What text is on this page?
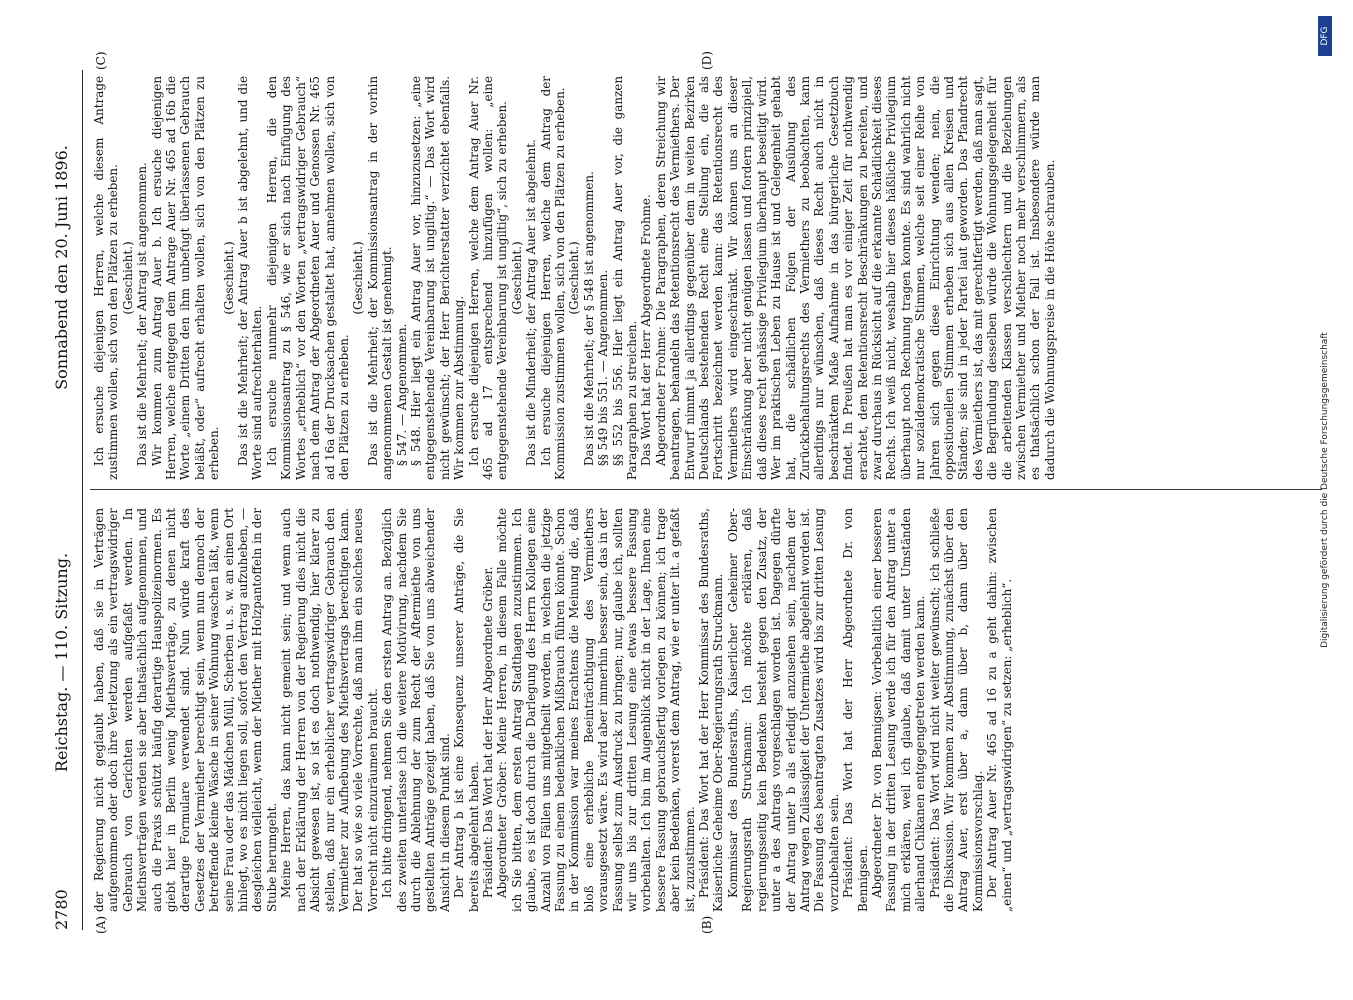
2780
Reichstag. — 110. Sitzung.
Sonnabend den 20. Juni 1896.
(A)	(B)
(C)	(D)

der Regierung nicht geglaubt haben, daß sie in Verträgen aufgenommen oder doch ihre Verletzung als ein vertragswidriger Gebrauch von Gerichten werden aufgefaßt werden. In Miethsverträgen werden sie aber thatsächlich aufgenommen, und auch die Praxis schützt häufig derartige Hauspolizeinormen. Es giebt hier in Berlin wenig Miethsverträge, zu denen nicht derartige Formulare verwendet sind. Nun würde kraft des Gesetzes der Vermiether berechtigt sein, wenn nun dennoch der betreffende kleine Wäsche in seiner Wohnung waschen läßt, wenn seine Frau oder das Mädchen Müll, Scherben u. s. w. an einen Ort hinlegt, wo es nicht liegen soll, sofort den Vertrag aufzuheben, — desgleichen vielleicht, wenn der Miether mit Holzpantoffeln in der Stube herumgeht. Meine Herren, das kann nicht gemeint sein; und wenn auch nach der Erklärung der Herren von der Regierung dies nicht die Absicht gewesen ist, so ist es doch nothwendig, hier klarer zu stellen, daß nur ein erheblicher vertragswidriger Gebrauch den Vermiether zur Aufhebung des Miethsvertrags berechtigen kann. Der hat so wie so viele Vorrechte, daß man ihm ein solches neues Vorrecht nicht einzuräumen braucht. Ich bitte dringend, nehmen Sie den ersten Antrag an. Bezüglich des zweiten unterlasse ich die weitere Motivirung, nachdem Sie durch die Ablehnung der zum Recht der Aftermiethe von uns gestellten Anträge gezeigt haben, daß Sie von uns abweichender Ansicht in diesem Punkt sind. Der Antrag b ist eine Konsequenz unserer Anträge, die Sie bereits abgelehnt haben. Präsident: Das Wort hat der Herr Abgeordnete Gröber. Abgeordneter Gröber: Meine Herren, in diesem Falle möchte ich Sie bitten, dem ersten Antrag Stadthagen zuzustimmen. Ich glaube, es ist doch durch die Darlegung des Herrn Kollegen eine Anzahl von Fällen uns mitgetheilt worden, in welchen die jetzige Fassung zu einem bedenklichen Mißbrauch führen könnte. Schon in der Kommission war meines Erachtens die Meinung die, daß bloß eine erhebliche Beeinträchtigung des Vermiethers vorausgesetzt wäre. Es wird aber immerhin besser sein, das in der Fassung selbst zum Ausdruck zu bringen; nur, glaube ich, sollten wir uns bis zur dritten Lesung eine etwas bessere Fassung vorbehalten. Ich bin im Augenblick nicht in der Lage, Ihnen eine bessere Fassung gebrauchsfertig vorlegen zu können; ich trage aber kein Bedenken, vorerst dem Antrag, wie er unter lit. a gefaßt ist, zuzustimmen. Präsident: Das Wort hat der Herr Kommissar des Bundesraths, Kaiserliche Geheime Ober-Regierungsrath Struckmann. Kommissar des Bundesraths, Kaiserlicher Geheimer Ober-Regierungsrath Struckmann: Ich möchte erklären, daß regierungsseitig kein Bedenken besteht gegen den Zusatz, der unter a des Antrags vorgeschlagen worden ist. Dagegen dürfte der Antrag unter b als erledigt anzusehen sein, nachdem der Antrag wegen Zulässigkeit der Untermiethe abgelehnt worden ist. Die Fassung des beantragten Zusatzes wird bis zur dritten Lesung vorzubehalten sein. Präsident: Das Wort hat der Herr Abgeordnete Dr. von Bennigsen. Abgeordneter Dr. von Bennigsen: Vorbehaltlich einer besseren Fassung in der dritten Lesung werde ich für den Antrag unter a mich erklären, weil ich glaube, daß damit unter Umständen allerhand Chikanen entgegengetreten werden kann. Präsident: Das Wort wird nicht weiter gewünscht; ich schließe die Diskussion. Wir kommen zur Abstimmung, zunächst über den Antrag Auer, erst über a, dann über b, dann über den Kommissionsvorschlag. Der Antrag Auer Nr. 465 ad 16 zu a geht dahin: zwischen „einen“ und „vertragswidrigen“ zu setzen: „erheblich“.

Ich ersuche diejenigen Herren, welche diesem Antrage zustimmen wollen, sich von den Plätzen zu erheben. (Geschieht.) Das ist die Mehrheit; der Antrag ist angenommen. Wir kommen zum Antrag Auer b. Ich ersuche diejenigen Herren, welche entgegen dem Antrage Auer Nr. 465 ad 16b die Worte „einem Dritten den ihm unbefugt überlassenen Gebrauch beläßt, oder“ aufrecht erhalten wollen, sich von den Plätzen zu erheben.

(Geschieht.) Das ist die Mehrheit; der Antrag Auer b ist abgelehnt, und die Worte sind aufrechterhalten. Ich ersuche nunmehr diejenigen Herren, die den Kommissionsantrag zu § 546, wie er sich nach Einfügung des Wortes „erheblich“ vor den Worten „vertragswidriger Gebrauch“ nach dem Antrag der Abgeordneten Auer und Genossen Nr. 465 ad 16a der Drucksachen gestaltet hat, annehmen wollen, sich von den Plätzen zu erheben.

(Geschieht.) Das ist die Mehrheit; der Kommissionsantrag in der vorhin angenommenen Gestalt ist genehmigt. § 547. — Angenommen. § 548. Hier liegt ein Antrag Auer vor, hinzuzusetzen: „eine entgegenstehende Vereinbarung ist ungiltig.“ — Das Wort wird nicht gewünscht; der Herr Berichterstatter verzichtet ebenfalls. Wir kommen zur Abstimmung. Ich ersuche diejenigen Herren, welche dem Antrag Auer Nr. 465 ad 17 entsprechend hinzufügen wollen: „eine entgegenstehende Vereinbarung ist ungiltig“, sich zu erheben. (Geschieht.) Das ist die Minderheit; der Antrag Auer ist abgelehnt. Ich ersuche diejenigen Herren, welche dem Antrag der Kommission zustimmen wollen, sich von den Plätzen zu erheben. (Geschieht.) Das ist die Mehrheit; der § 548 ist angenommen. §§ 549 bis 551. — Angenommen. §§ 552 bis 556. Hier liegt ein Antrag Auer vor, die ganzen Paragraphen zu streichen. Das Wort hat der Herr Abgeordnete Frohme. Abgeordneter Frohme: Die Paragraphen, deren Streichung wir beantragen, behandeln das Retentionsrecht des Vermiethers. Der Entwurf nimmt ja allerdings gegenüber dem in weiten Bezirken Deutschlands bestehenden Recht eine Stellung ein, die als Fortschritt bezeichnet werden kann: das Retentionsrecht des Vermiethers wird eingeschränkt. Wir können uns an dieser Einschränkung aber nicht genügen lassen und fordern prinzipiell, daß dieses recht gehässige Privilegium überhaupt beseitigt wird. Wer im praktischen Leben zu Hause ist und Gelegenheit gehabt hat, die schädlichen Folgen der Ausübung des Zurückbehaltungsrechts des Vermiethers zu beobachten, kann allerdings nur wünschen, daß dieses Recht auch nicht in beschränktem Maße Aufnahme in das bürgerliche Gesetzbuch findet. In Preußen hat man es vor einiger Zeit für nothwendig erachtet, dem Retentionsrecht Beschränkungen zu bereiten, und zwar durchaus in Rücksicht auf die erkannte Schädlichkeit dieses Rechts. Ich weiß nicht, weshalb hier dieses häßliche Privilegium überhaupt noch Rechnung tragen konnte. Es sind wahrlich nicht nur sozialdemokratische Stimmen, welche seit einer Reihe von Jahren sich gegen diese Einrichtung wenden; nein, die oppositionellen Stimmen erheben sich aus allen Kreisen und Ständen; sie sind in jeder Partei laut geworden. Das Pfandrecht des Vermiethers ist, das mit gerechtfertigt werden, daß man sagt, die Begründung desselben würde die Wohnungsgelegenheit für die arbeitenden Klassen verschlechtern und die Beziehungen zwischen Vermiether und Miether noch mehr verschlimmern, als es thatsächlich schon der Fall ist. Insbesondere würde man dadurch die Wohnungspreise in die Höhe schrauben.

Digitalisierung gefördert durch die Deutsche Forschungsgemeinschaft
DFG
